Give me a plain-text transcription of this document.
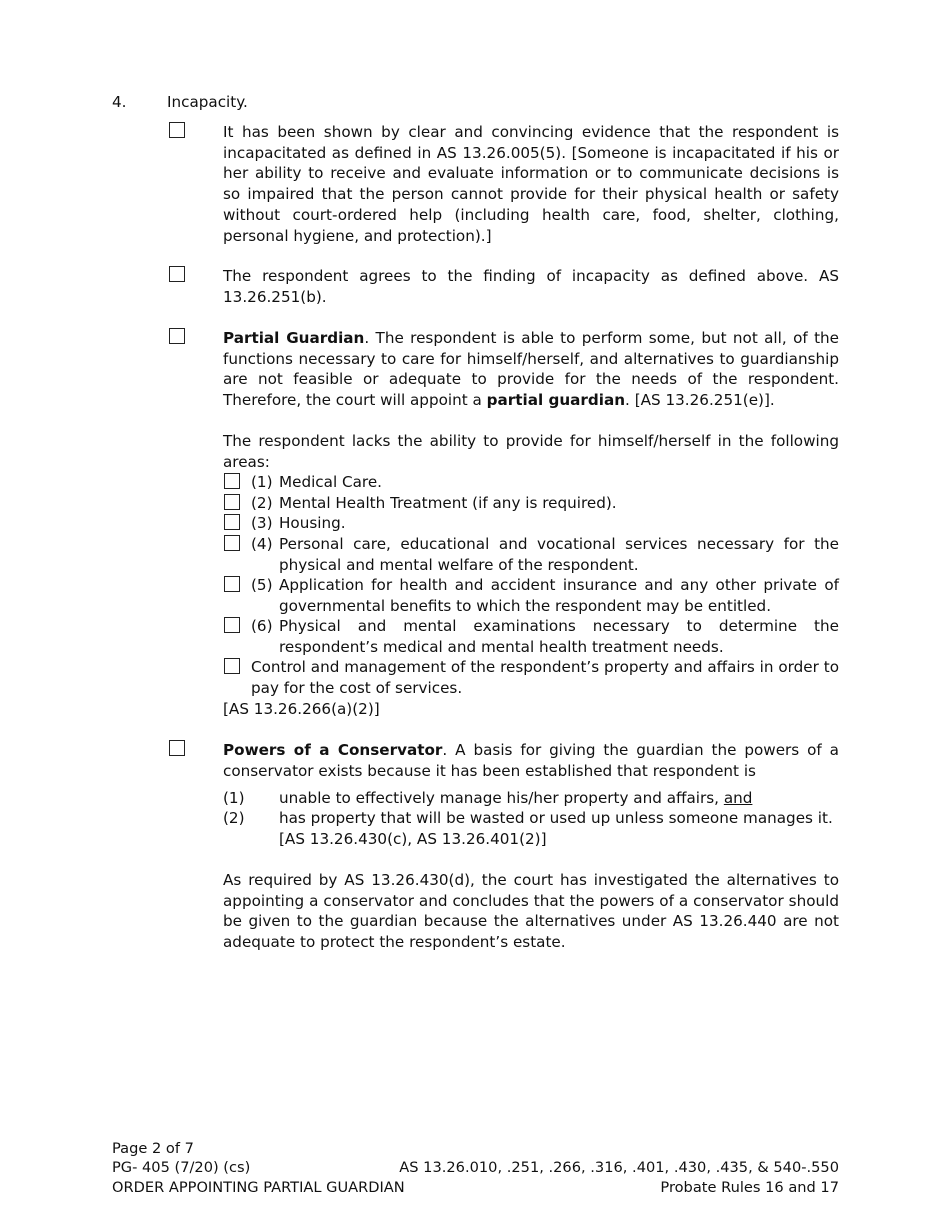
4.	Incapacity.
It has been shown by clear and convincing evidence that the respondent is incapacitated as defined in AS 13.26.005(5). [Someone is incapacitated if his or her ability to receive and evaluate information or to communicate decisions is so impaired that the person cannot provide for their physical health or safety without court-ordered help (including health care, food, shelter, clothing, personal hygiene, and protection).]
The respondent agrees to the finding of incapacity as defined above. AS 13.26.251(b).
Partial Guardian. The respondent is able to perform some, but not all, of the functions necessary to care for himself/herself, and alternatives to guardianship are not feasible or adequate to provide for the needs of the respondent. Therefore, the court will appoint a partial guardian. [AS 13.26.251(e)].
The respondent lacks the ability to provide for himself/herself in the following areas:
(1) Medical Care.
(2) Mental Health Treatment (if any is required).
(3) Housing.
(4) Personal care, educational and vocational services necessary for the physical and mental welfare of the respondent.
(5) Application for health and accident insurance and any other private of governmental benefits to which the respondent may be entitled.
(6) Physical and mental examinations necessary to determine the respondent’s medical and mental health treatment needs.
Control and management of the respondent’s property and affairs in order to pay for the cost of services.
[AS 13.26.266(a)(2)]
Powers of a Conservator. A basis for giving the guardian the powers of a conservator exists because it has been established that respondent is
(1) unable to effectively manage his/her property and affairs, and
(2) has property that will be wasted or used up unless someone manages it. [AS 13.26.430(c), AS 13.26.401(2)]
As required by AS 13.26.430(d), the court has investigated the alternatives to appointing a conservator and concludes that the powers of a conservator should be given to the guardian because the alternatives under AS 13.26.440 are not adequate to protect the respondent’s estate.
Page 2 of 7
PG- 405 (7/20) (cs)	AS 13.26.010, .251, .266, .316, .401, .430, .435, & 540-.550
ORDER APPOINTING PARTIAL GUARDIAN	Probate Rules 16 and 17
